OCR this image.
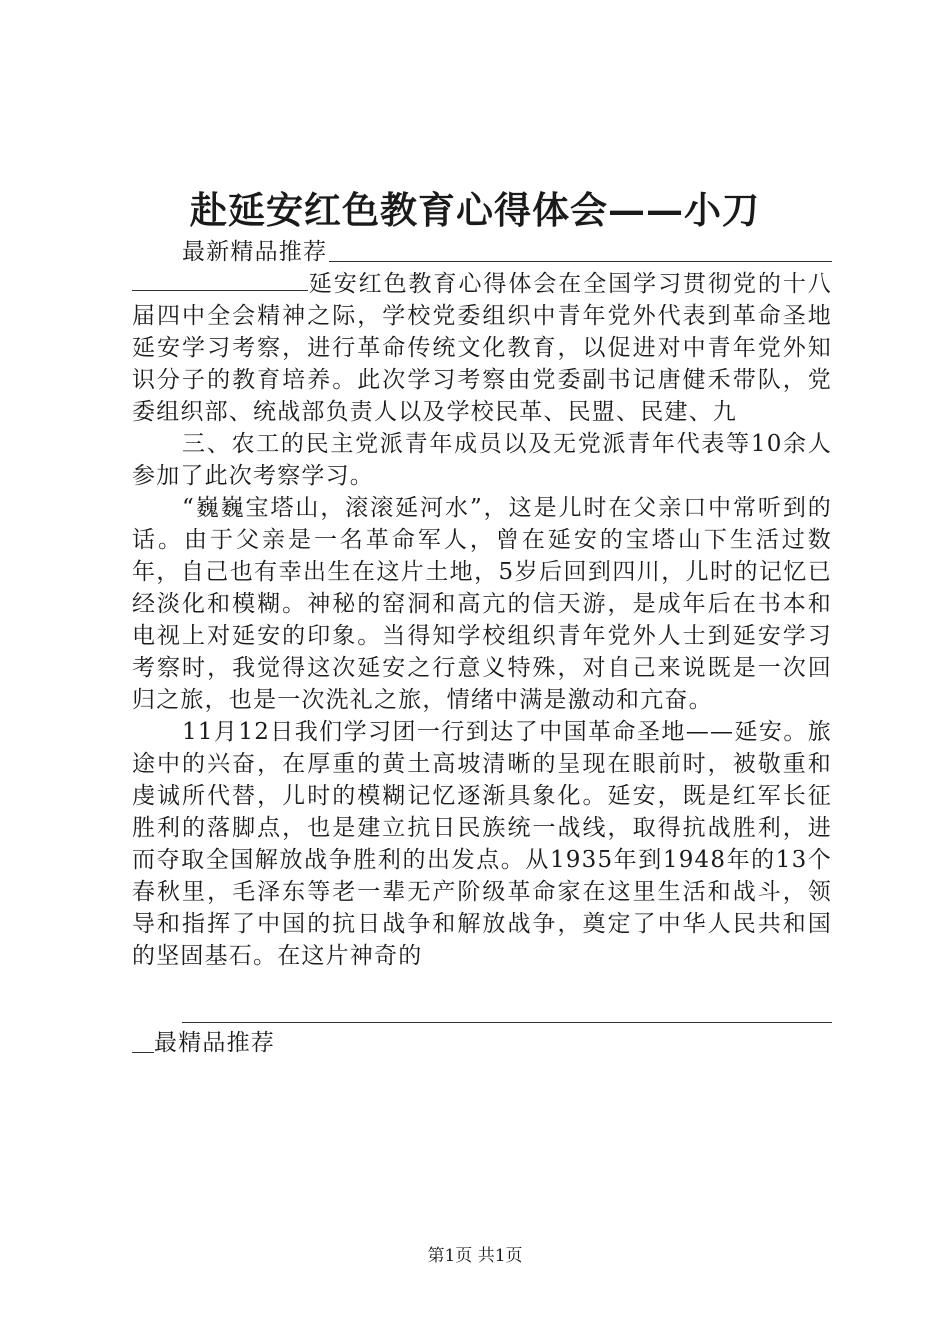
赴延安红色教育心得体会——小刀
最新精品推荐

延安红色教育心得体会在全国学习贯彻党的十八届四中全会精神之际，学校党委组织中青年党外代表到革命圣地延安学习考察，进行革命传统文化教育，以促进对中青年党外知识分子的教育培养。此次学习考察由党委副书记唐健禾带队，党委组织部、统战部负责人以及学校民革、民盟、民建、九

三、农工的民主党派青年成员以及无党派青年代表等10余人参加了此次考察学习。

“巍巍宝塔山，滚滚延河水”，这是儿时在父亲口中常听到的话。由于父亲是一名革命军人，曾在延安的宝塔山下生活过数年，自己也有幸出生在这片土地，5岁后回到四川，儿时的记忆已经淡化和模糊。神秘的窑洞和高亢的信天游，是成年后在书本和电视上对延安的印象。当得知学校组织青年党外人士到延安学习考察时，我觉得这次延安之行意义特殊，对自己来说既是一次回归之旅，也是一次洗礼之旅，情绪中满是激动和亢奋。

11月12日我们学习团一行到达了中国革命圣地——延安。旅途中的兴奋，在厚重的黄土高坡清晰的呈现在眼前时，被敬重和虔诚所代替，儿时的模糊记忆逐渐具象化。延安，既是红军长征胜利的落脚点，也是建立抗日民族统一战线，取得抗战胜利，进而夺取全国解放战争胜利的出发点。从1935年到1948年的13个春秋里，毛泽东等老一辈无产阶级革命家在这里生活和战斗，领导和指挥了中国的抗日战争和解放战争，奠定了中华人民共和国的坚固基石。在这片神奇的

最精品推荐
第1页 共1页
